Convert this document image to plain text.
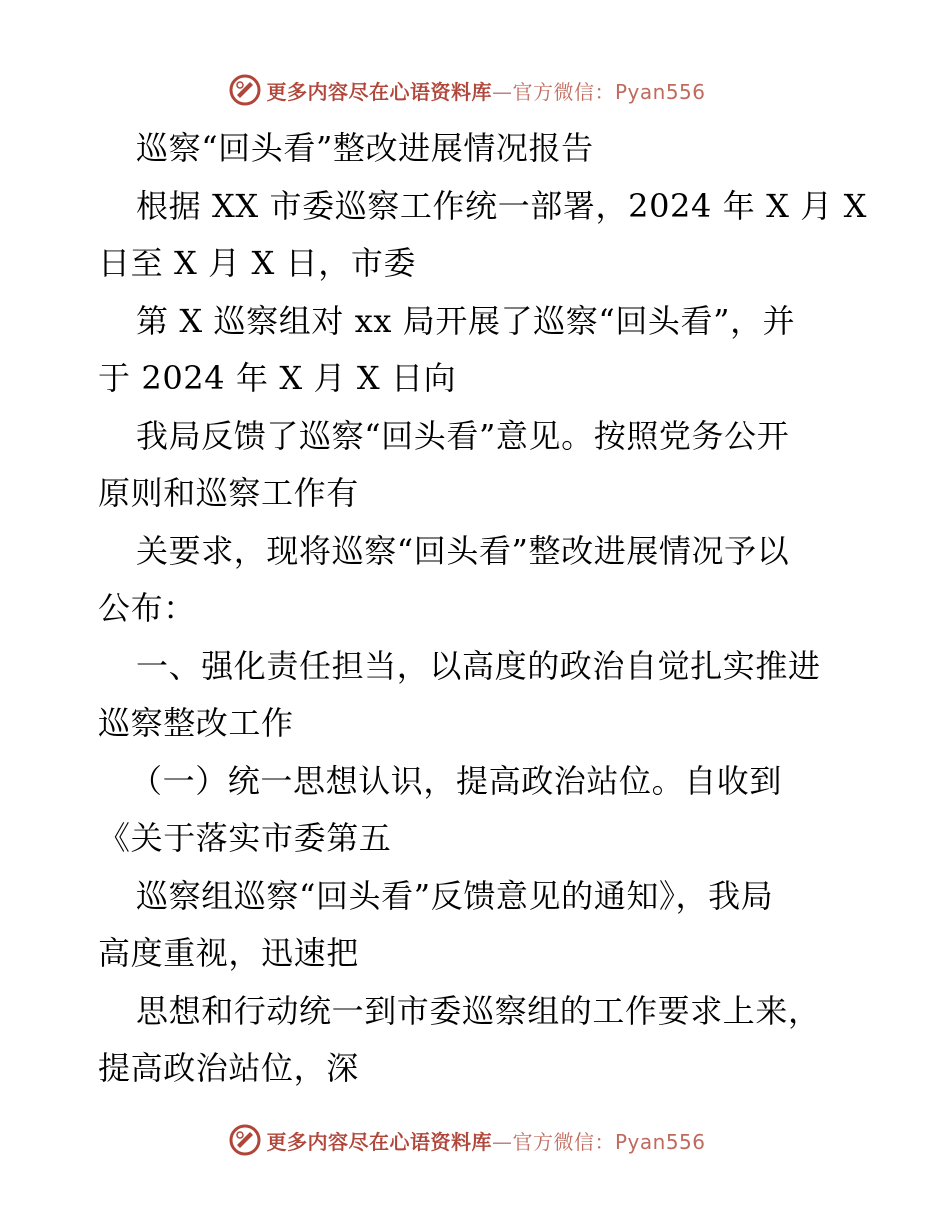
更多内容尽在心语资料库—官方微信：Pyan556
巡察“回头看”整改进展情况报告
根据 XX 市委巡察工作统一部署，2024 年 X 月 X
日至 X 月 X 日，市委
第 X 巡察组对 xx 局开展了巡察“回头看”，并
于 2024 年 X 月 X 日向
我局反馈了巡察“回头看”意见。按照党务公开
原则和巡察工作有
关要求，现将巡察“回头看”整改进展情况予以
公布：
一、强化责任担当，以高度的政治自觉扎实推进
巡察整改工作
（一）统一思想认识，提高政治站位。自收到
《关于落实市委第五
巡察组巡察“回头看”反馈意见的通知》，我局
高度重视，迅速把
思想和行动统一到市委巡察组的工作要求上来，
提高政治站位，深
更多内容尽在心语资料库—官方微信：Pyan556
